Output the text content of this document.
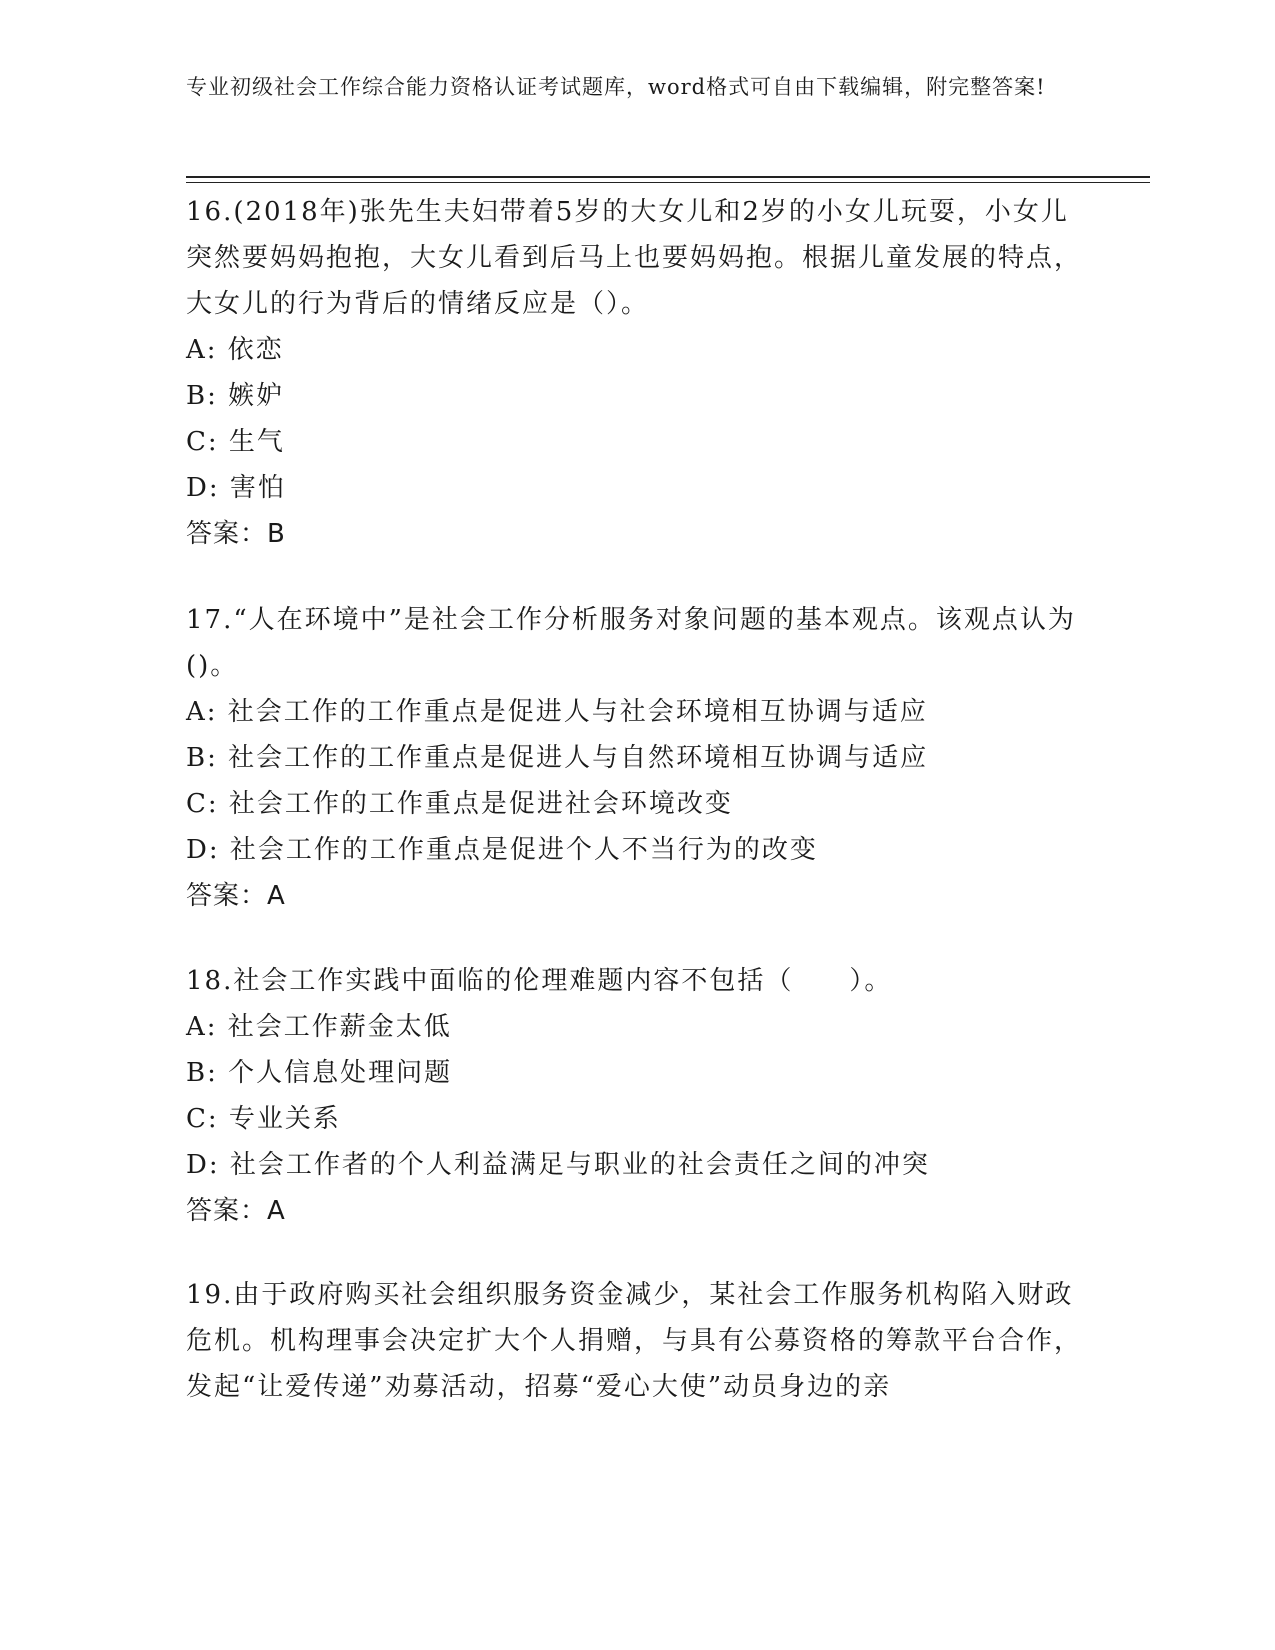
专业初级社会工作综合能力资格认证考试题库，word格式可自由下载编辑，附完整答案!
16.(2018年)张先生夫妇带着5岁的大女儿和2岁的小女儿玩耍，小女儿突然要妈妈抱抱，大女儿看到后马上也要妈妈抱。根据儿童发展的特点，大女儿的行为背后的情绪反应是（）。
A: 依恋
B: 嫉妒
C: 生气
D: 害怕
答案：B
17.“人在环境中”是社会工作分析服务对象问题的基本观点。该观点认为()。
A: 社会工作的工作重点是促进人与社会环境相互协调与适应
B: 社会工作的工作重点是促进人与自然环境相互协调与适应
C: 社会工作的工作重点是促进社会环境改变
D: 社会工作的工作重点是促进个人不当行为的改变
答案：A
18.社会工作实践中面临的伦理难题内容不包括（　　）。
A: 社会工作薪金太低
B: 个人信息处理问题
C: 专业关系
D: 社会工作者的个人利益满足与职业的社会责任之间的冲突
答案：A
19.由于政府购买社会组织服务资金减少，某社会工作服务机构陷入财政危机。机构理事会决定扩大个人捐赠，与具有公募资格的筹款平台合作，发起“让爱传递”劝募活动，招募“爱心大使”动员身边的亲
